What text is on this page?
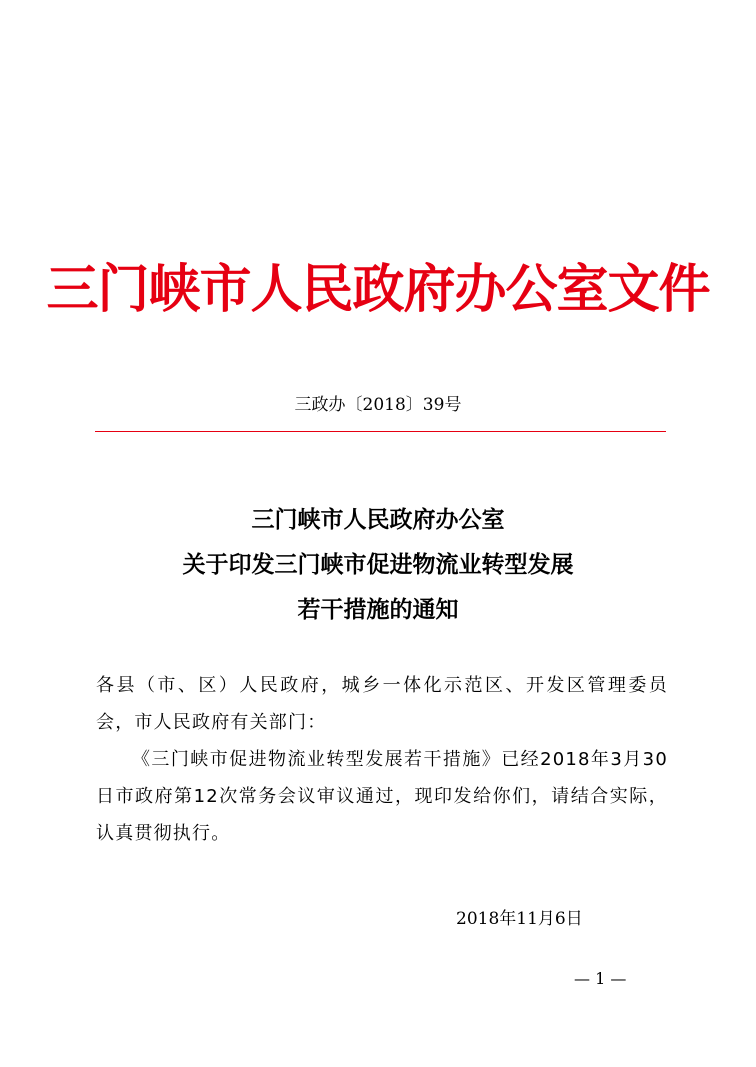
三门峡市人民政府办公室文件
三政办〔2018〕39号
三门峡市人民政府办公室
关于印发三门峡市促进物流业转型发展
若干措施的通知
各县（市、区）人民政府，城乡一体化示范区、开发区管理委员会，市人民政府有关部门：
《三门峡市促进物流业转型发展若干措施》已经2018年3月30日市政府第12次常务会议审议通过，现印发给你们，请结合实际，认真贯彻执行。
2018年11月6日
— 1 —
